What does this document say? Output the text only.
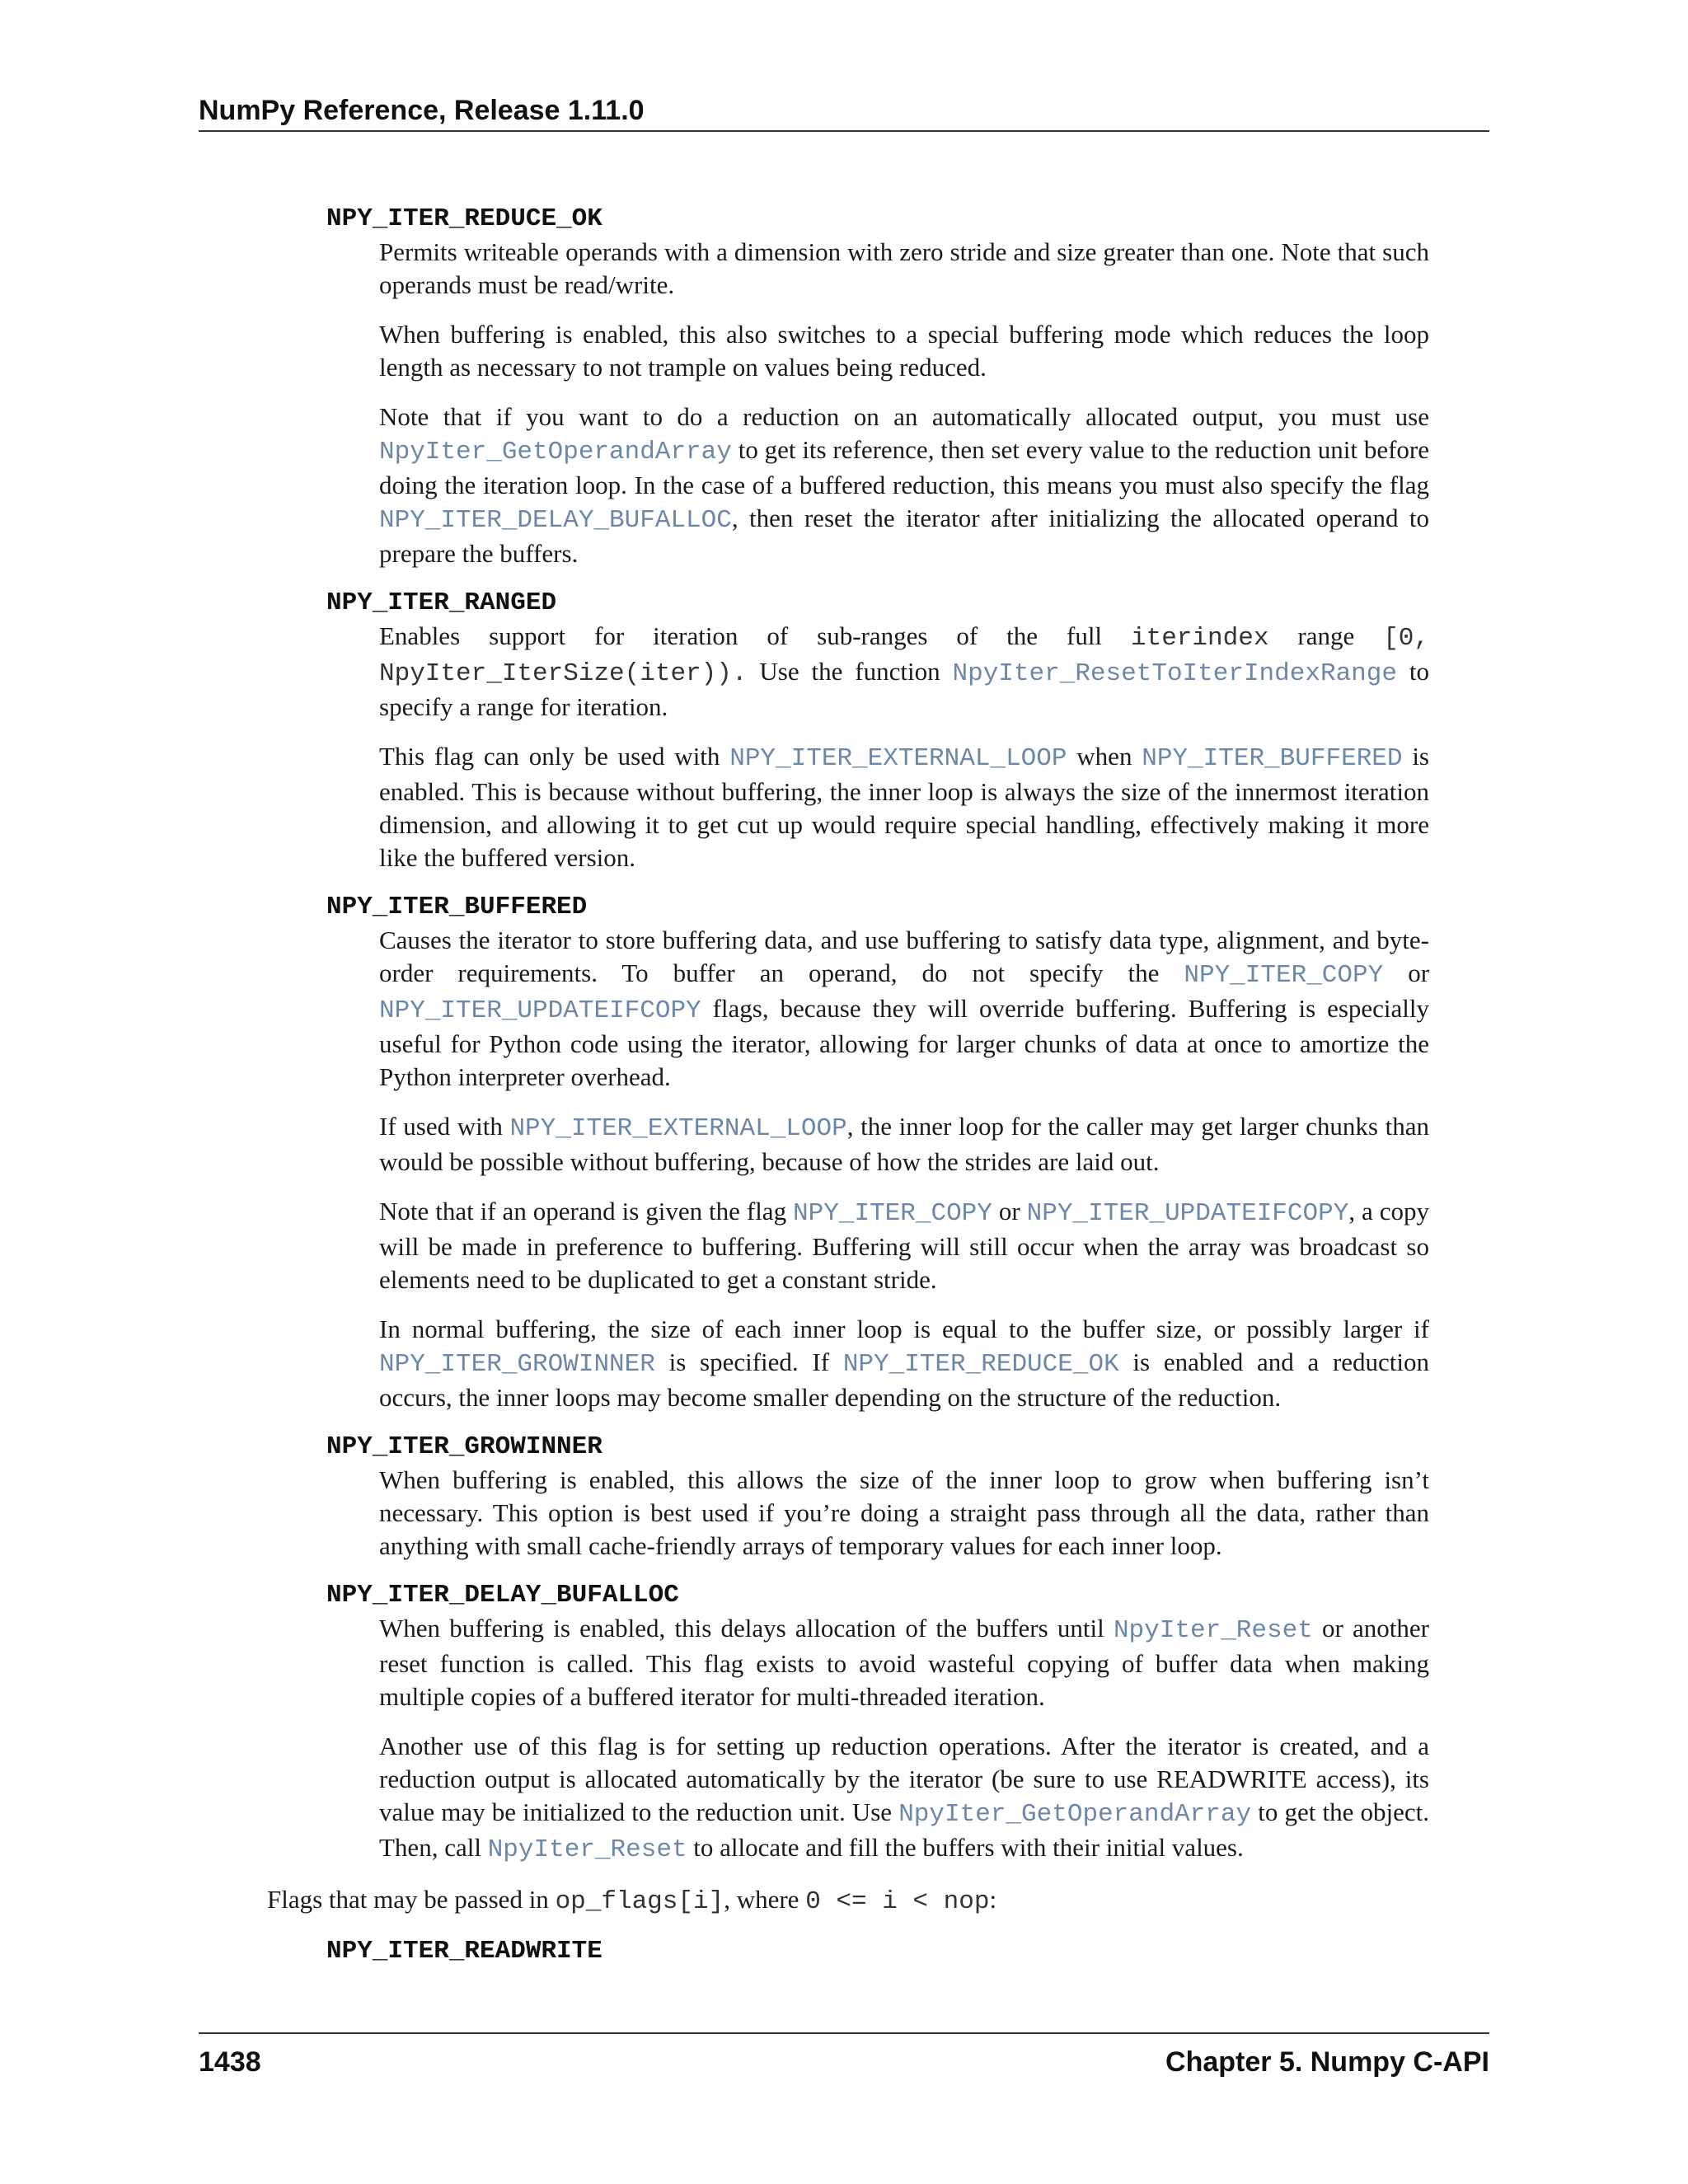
NumPy Reference, Release 1.11.0
NPY_ITER_REDUCE_OK

Permits writeable operands with a dimension with zero stride and size greater than one. Note that such operands must be read/write.

When buffering is enabled, this also switches to a special buffering mode which reduces the loop length as necessary to not trample on values being reduced.

Note that if you want to do a reduction on an automatically allocated output, you must use NpyIter_GetOperandArray to get its reference, then set every value to the reduction unit before doing the iteration loop. In the case of a buffered reduction, this means you must also specify the flag NPY_ITER_DELAY_BUFALLOC, then reset the iterator after initializing the allocated operand to prepare the buffers.

NPY_ITER_RANGED

Enables support for iteration of sub-ranges of the full iterindex range [0, NpyIter_IterSize(iter)). Use the function NpyIter_ResetToIterIndexRange to specify a range for iteration.

This flag can only be used with NPY_ITER_EXTERNAL_LOOP when NPY_ITER_BUFFERED is enabled. This is because without buffering, the inner loop is always the size of the innermost iteration dimension, and allowing it to get cut up would require special handling, effectively making it more like the buffered version.

NPY_ITER_BUFFERED

Causes the iterator to store buffering data, and use buffering to satisfy data type, alignment, and byte-order requirements. To buffer an operand, do not specify the NPY_ITER_COPY or NPY_ITER_UPDATEIFCOPY flags, because they will override buffering. Buffering is especially useful for Python code using the iterator, allowing for larger chunks of data at once to amortize the Python interpreter overhead.

If used with NPY_ITER_EXTERNAL_LOOP, the inner loop for the caller may get larger chunks than would be possible without buffering, because of how the strides are laid out.

Note that if an operand is given the flag NPY_ITER_COPY or NPY_ITER_UPDATEIFCOPY, a copy will be made in preference to buffering. Buffering will still occur when the array was broadcast so elements need to be duplicated to get a constant stride.

In normal buffering, the size of each inner loop is equal to the buffer size, or possibly larger if NPY_ITER_GROWINNER is specified. If NPY_ITER_REDUCE_OK is enabled and a reduction occurs, the inner loops may become smaller depending on the structure of the reduction.

NPY_ITER_GROWINNER

When buffering is enabled, this allows the size of the inner loop to grow when buffering isn’t necessary. This option is best used if you’re doing a straight pass through all the data, rather than anything with small cache-friendly arrays of temporary values for each inner loop.

NPY_ITER_DELAY_BUFALLOC

When buffering is enabled, this delays allocation of the buffers until NpyIter_Reset or another reset function is called. This flag exists to avoid wasteful copying of buffer data when making multiple copies of a buffered iterator for multi-threaded iteration.

Another use of this flag is for setting up reduction operations. After the iterator is created, and a reduction output is allocated automatically by the iterator (be sure to use READWRITE access), its value may be initialized to the reduction unit. Use NpyIter_GetOperandArray to get the object. Then, call NpyIter_Reset to allocate and fill the buffers with their initial values.

Flags that may be passed in op_flags[i], where 0 <= i < nop:

NPY_ITER_READWRITE
1438	Chapter 5. Numpy C-API
